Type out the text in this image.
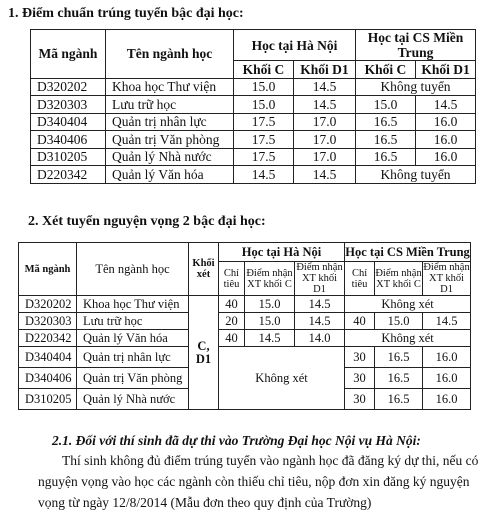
1. Điểm chuẩn trúng tuyển bậc đại học:
Mã ngành	Tên ngành học	Học tại Hà Nội		Học tại CS Miền Trung	
		Khối C	Khối D1	Khối C	Khối D1
D320202	Khoa học Thư viện	15.0	14.5	Không tuyển	
D320303	Lưu trữ học	15.0	14.5	15.0	14.5
D340404	Quản trị nhân lực	17.5	17.0	16.5	16.0
D340406	Quản trị Văn phòng	17.5	17.0	16.5	16.0
D310205	Quản lý Nhà nước	17.5	17.0	16.5	16.0
D220342	Quản lý Văn hóa	14.5	14.5	Không tuyển	
2. Xét tuyển nguyện vọng 2 bậc đại học:
Mã ngành	Tên ngành học	Khối xét	Học tại Hà Nội			Học tại CS Miền Trung		
			Chỉ tiêu	Điểm nhận XT khối C	Điểm nhận XT khối D1	Chỉ tiêu	Điểm nhận XT khối C	Điểm nhận XT khối D1
D320202	Khoa học Thư viện	C, D1	40	15.0	14.5	Không xét		
D320303	Lưu trữ học		20	15.0	14.5	40	15.0	14.5
D220342	Quản lý Văn hóa		40	14.5	14.0	Không xét		
D340404	Quản trị nhân lực		Không xét			30	16.5	16.0
D340406	Quản trị Văn phòng					30	16.5	16.0
D310205	Quản lý Nhà nước					30	16.5	16.0
2.1. Đối với thí sinh đã dự thi vào Trường Đại học Nội vụ Hà Nội:
Thí sinh không đủ điểm trúng tuyển vào ngành học đã đăng ký dự thi, nếu có
nguyện vọng vào học các ngành còn thiếu chỉ tiêu, nộp đơn xin đăng ký nguyện
vọng từ ngày 12/8/2014 (Mẫu đơn theo quy định của Trường)
